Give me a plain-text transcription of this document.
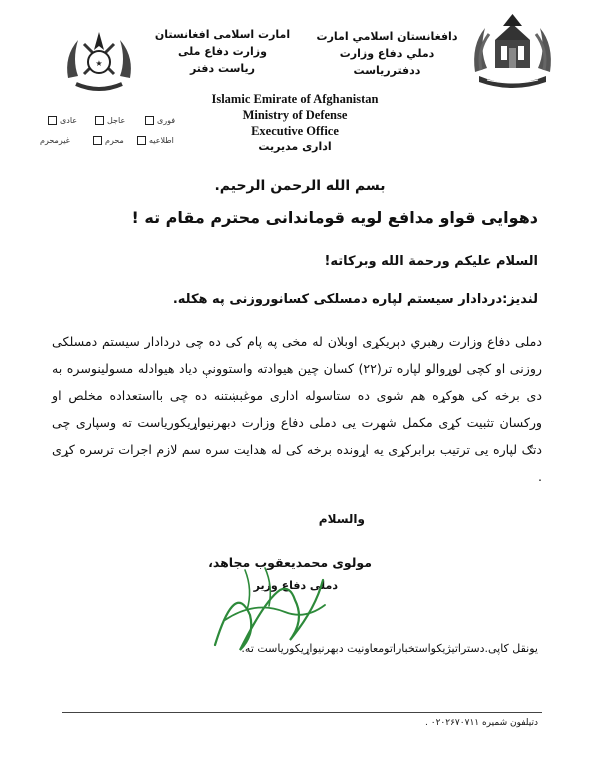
دافغانستان اسلامي امارت
دملي دفاع وزارت
ددفترریاست
★
امارت اسلامی افغانستان
وزارت دفاع ملی
ریاست دفتر
Islamic Emirate of Afghanistan
Ministry of Defense
Executive Office
اداری مدیریت
فوری
عاجل
عادی
اطلاعیه
محرم
غیرمحرم
بسم الله الرحمن الرحيم.
دهوایی قواو مدافع لویه قوماندانی محترم مقام ته !
السلام عليكم ورحمة الله وبركاته!
لندیز:دردادار سیستم لپاره دمسلکی کسانوروزنی په هکله.
دملی دفاع وزارت رهبري دېریکړی اوبلان له مخی په پام کی ده چی دردادار سیستم دمسلکی روزنی او کچی لوړوالو لپاره تر(۲۲) کسان چین هیوادته واستوونې دیاد هیوادله مسولینوسره به دی برخه کی هوکړه هم شوی ده ستاسوله اداری موغبښتنه ده چی بااستعداده مخلص او ورکسان تثبیت کړی مکمل شهرت یی دملی دفاع وزارت دبهرنیواړیکوریاست ته وسپاری چی دتګ لپاره یی ترتیب برابرکړی یه اړونده برخه کی له هدایت سره سم لازم اجرات ترسره کړی .
والسلام
مولوی محمدیعقوب مجاهد،
دملی دفاع وزیر
یونقل کاپی.دستراتیژیکواستخباراتومعاونیت دبهرنیواړیکوریاست ته.
دتیلفون شمیره ۰۲۰۲۶۷۰۷۱۱ .
